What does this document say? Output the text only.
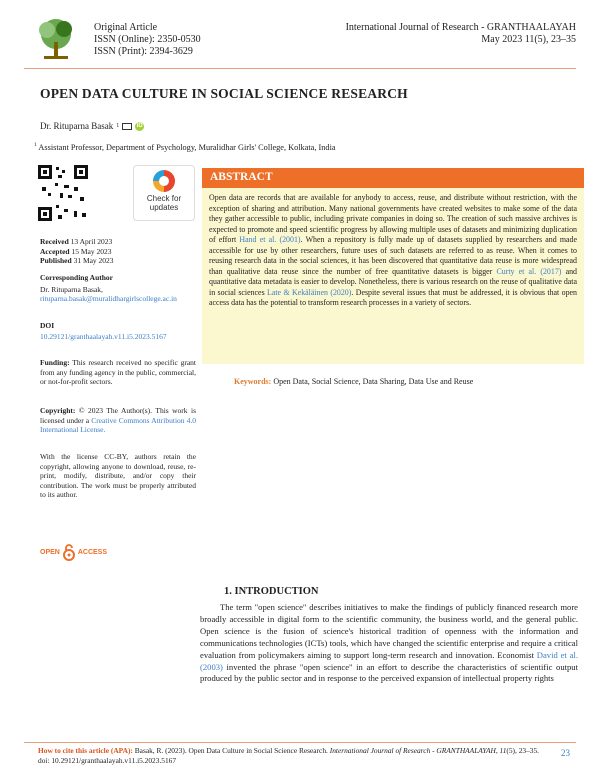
Original Article
ISSN (Online): 2350-0530
ISSN (Print): 2394-3629
International Journal of Research - GRANTHAALAYAH
May 2023 11(5), 23–35
OPEN DATA CULTURE IN SOCIAL SCIENCE RESEARCH
Dr. Rituparna Basak 1	iD
$^1$ Assistant Professor, Department of Psychology, Muralidhar Girls' College, Kolkata, India
Check for
updates
Received 13 April 2023
Accepted 15 May 2023
Published 31 May 2023
Corresponding Author
Dr. Rituparna Basak,
rituparna.basak@muralidhargirlscollege.ac.in
DOI
10.29121/granthaalayah.v11.i5.2023.5167
Funding: This research received no specific grant from any funding agency in the public, commercial, or not-for-profit sectors.
Copyright: © 2023 The Author(s). This work is licensed under a Creative Commons Attribution 4.0 International License.
With the license CC-BY, authors retain the copyright, allowing anyone to download, reuse, re-print, modify, distribute, and/or copy their contribution. The work must be properly attributed to its author.
OPEN	ACCESS
ABSTRACT
Open data are records that are available for anybody to access, reuse, and distribute without restriction, with the exception of sharing and attribution. Many national governments have created websites to make some of the data they gather accessible to public, including private companies in doing so. The creation of such massive archives is expected to promote and speed scientific progress by allowing multiple uses of datasets and minimizing duplication of effort Hand et al. (2001). When a repository is fully made up of datasets supplied by researchers and made accessible for use by other researchers, future uses of such datasets are referred to as reuse. When it comes to reusing research data in the social sciences, it has been discovered that quantitative data reuse is more widespread than qualitative data reuse since the number of free quantitative datasets is bigger Curty et al. (2017) and quantitative data metadata is easier to develop. Nonetheless, there is various research on the reuse of qualitative data in social sciences Late & Kekäläinen (2020). Despite several issues that must be addressed, it is obvious that open access data has the potential to transform research processes in a variety of sectors.
Keywords: Open Data, Social Science, Data Sharing, Data Use and Reuse
1. INTRODUCTION
The term "open science" describes initiatives to make the findings of publicly financed research more broadly accessible in digital form to the scientific community, the business world, and the general public. Open science is the fusion of science's historical tradition of openness with the information and communications technologies (ICTs) tools, which have changed the scientific enterprise and require a critical evaluation from policymakers aiming to support long-term research and innovation. Economist David et al. (2003) invented the phrase "open science" in an effort to describe the characteristics of scientific output produced by the public sector and in response to the perceived expansion of intellectual property rights
How to cite this article (APA): Basak, R. (2023). Open Data Culture in Social Science Research. International Journal of Research - GRANTHAALAYAH, 11(5), 23–35. doi: 10.29121/granthaalayah.v11.i5.2023.5167
23
